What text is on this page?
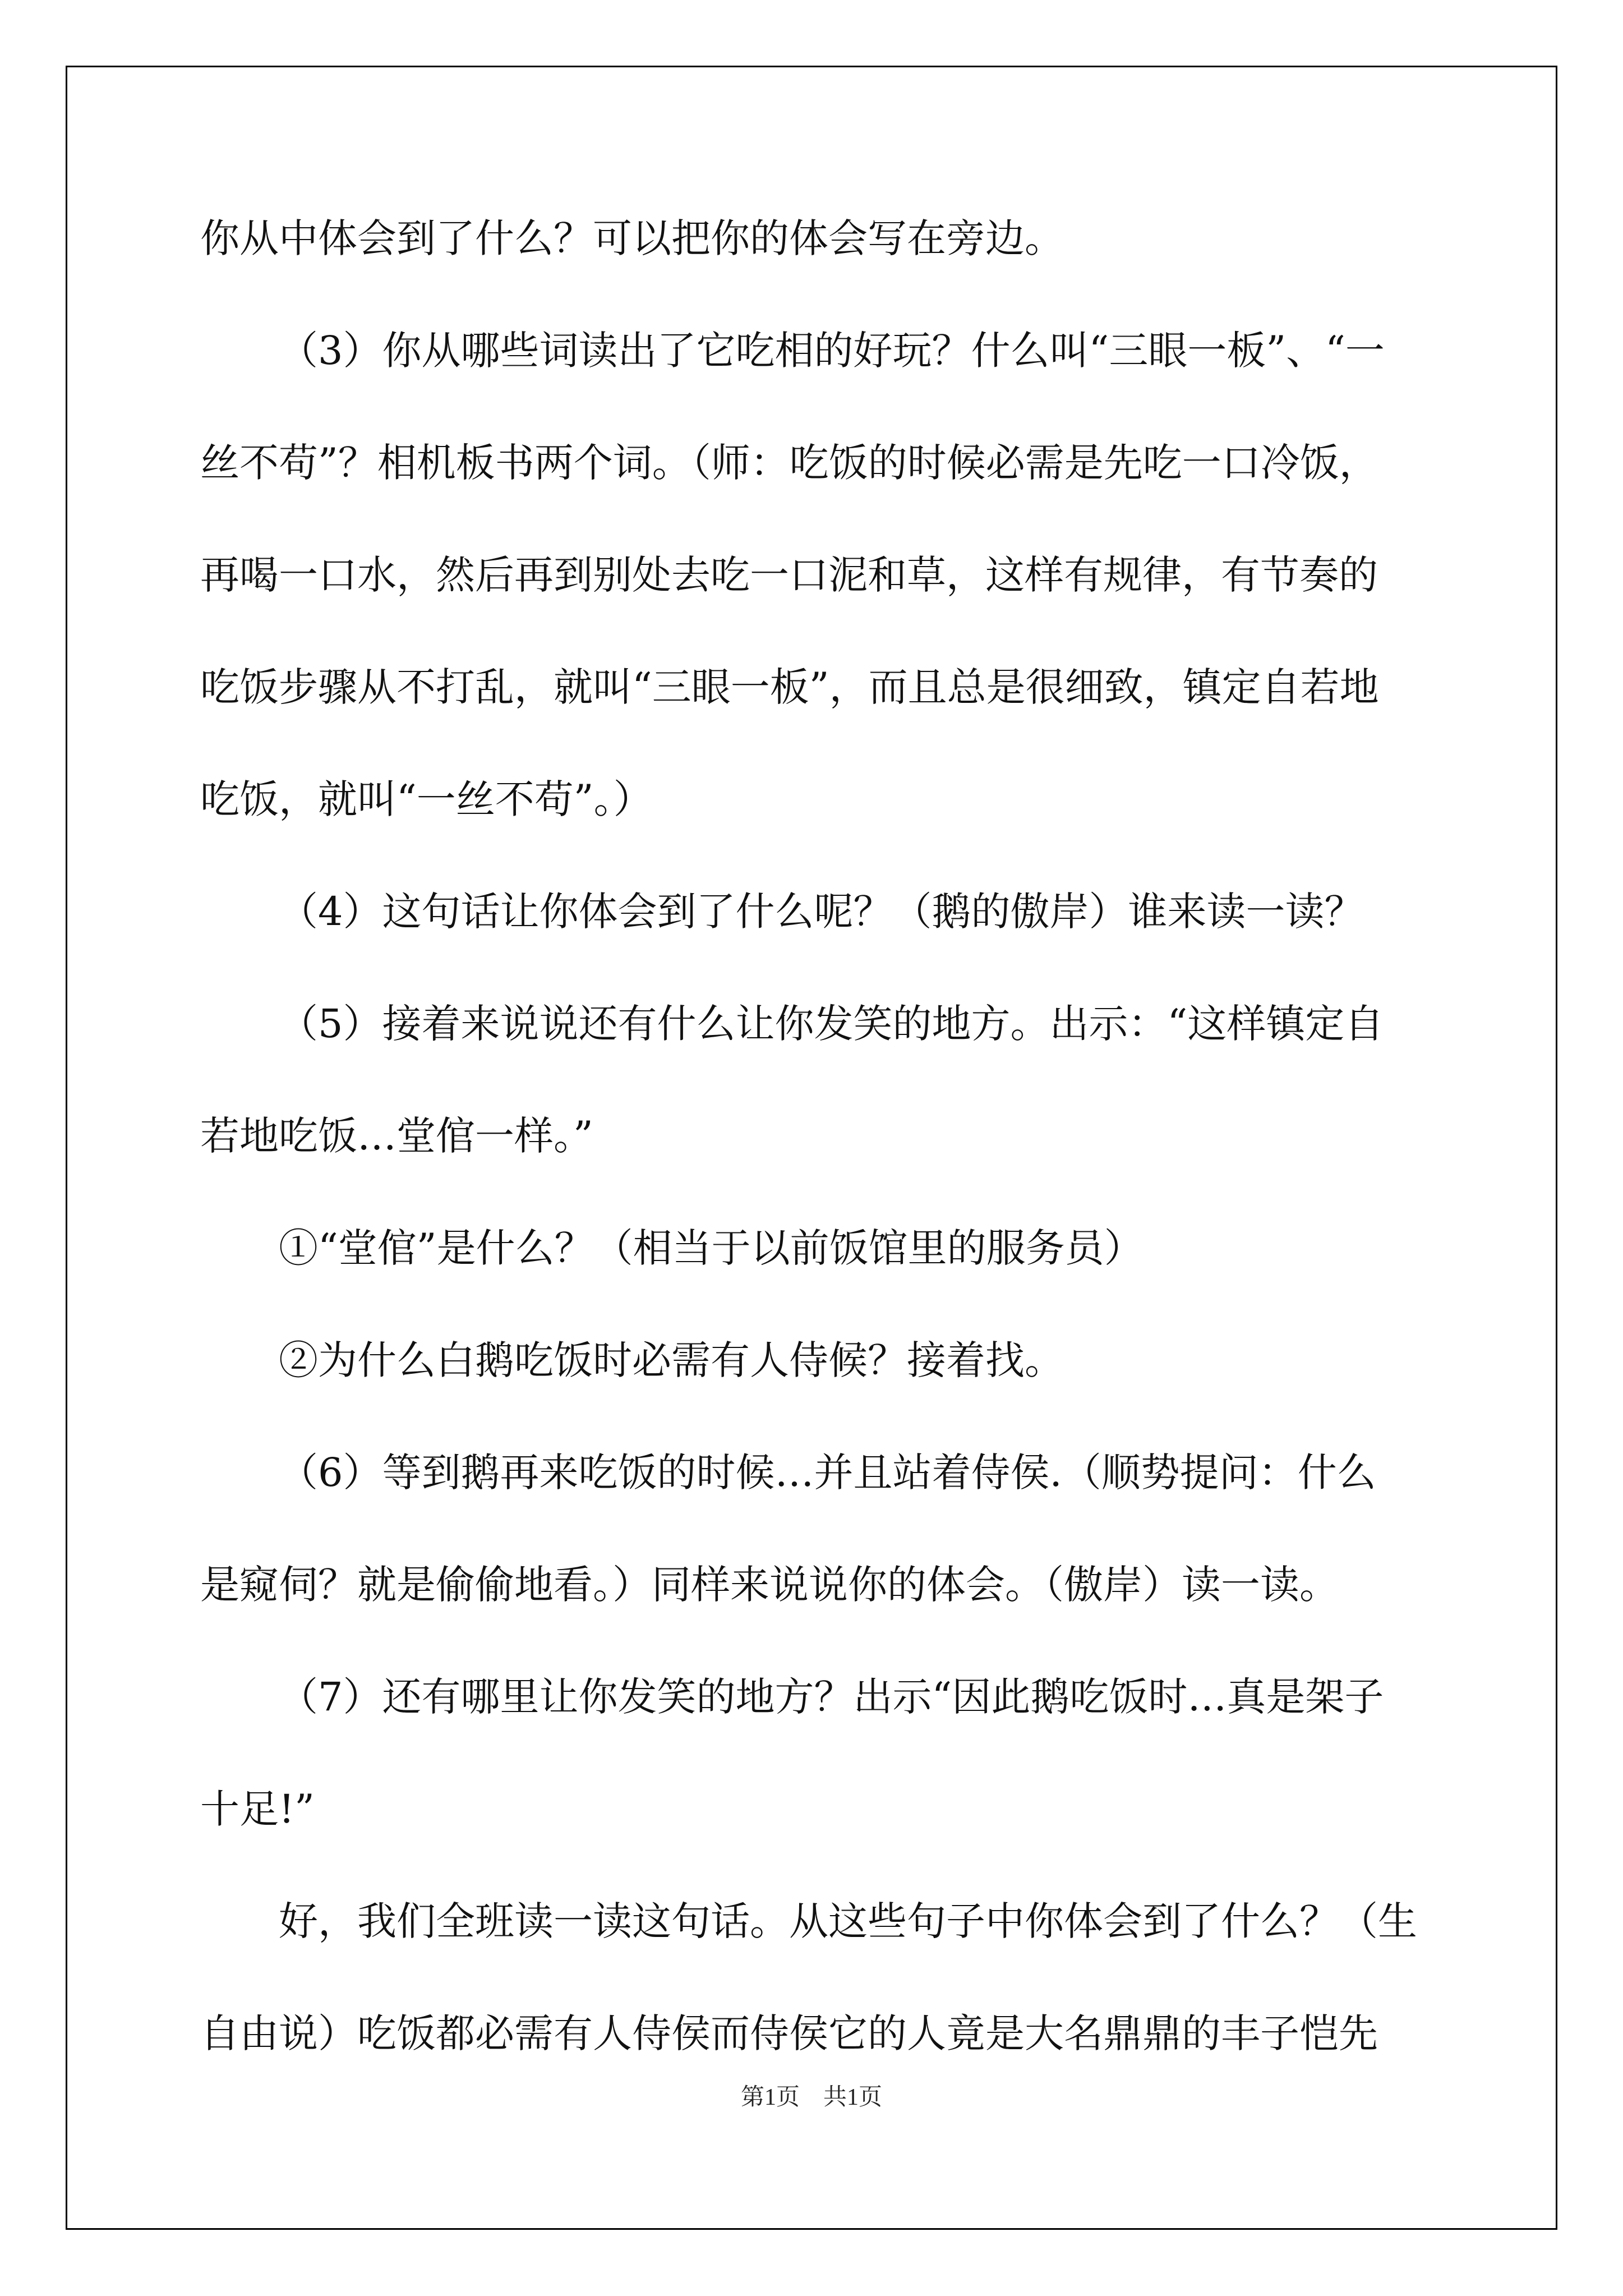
你从中体会到了什么？可以把你的体会写在旁边。
（3）你从哪些词读出了它吃相的好玩？什么叫“三眼一板”、“一
丝不苟”？相机板书两个词。（师：吃饭的时候必需是先吃一口冷饭，
再喝一口水，然后再到别处去吃一口泥和草，这样有规律，有节奏的
吃饭步骤从不打乱，就叫“三眼一板”，而且总是很细致，镇定自若地
吃饭，就叫“一丝不苟”。）
（4）这句话让你体会到了什么呢？（鹅的傲岸）谁来读一读？
（5）接着来说说还有什么让你发笑的地方。出示：“这样镇定自
若地吃饭…堂倌一样。”
①“堂倌”是什么？（相当于以前饭馆里的服务员）
②为什么白鹅吃饭时必需有人侍候？接着找。
（6）等到鹅再来吃饭的时候…并且站着侍侯.（顺势提问：什么
是窥伺？就是偷偷地看。）同样来说说你的体会。（傲岸）读一读。
（7）还有哪里让你发笑的地方？出示“因此鹅吃饭时…真是架子
十足!”
好，我们全班读一读这句话。从这些句子中你体会到了什么？（生
自由说）吃饭都必需有人侍侯而侍侯它的人竟是大名鼎鼎的丰子恺先
第1页　共1页
